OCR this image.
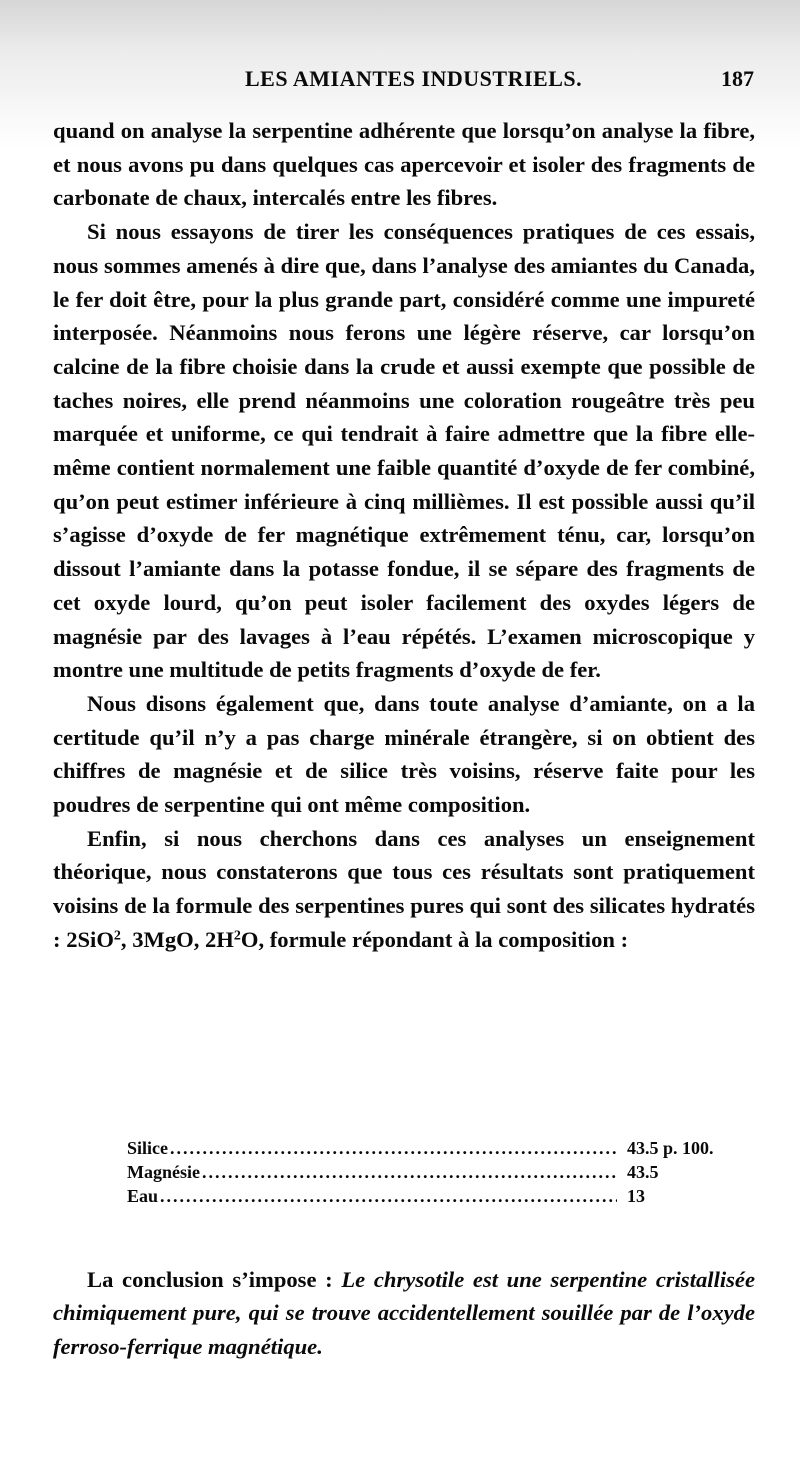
LES AMIANTES INDUSTRIELS.	187

quand on analyse la serpentine adhérente que lorsqu’on analyse la fibre, et nous avons pu dans quelques cas apercevoir et isoler des fragments de carbonate de chaux, intercalés entre les fibres.

Si nous essayons de tirer les conséquences pratiques de ces essais, nous sommes amenés à dire que, dans l’analyse des amiantes du Canada, le fer doit être, pour la plus grande part, considéré comme une impureté interposée. Néanmoins nous ferons une légère réserve, car lorsqu’on calcine de la fibre choisie dans la crude et aussi exempte que possible de taches noires, elle prend néanmoins une coloration rougeâtre très peu marquée et uniforme, ce qui tendrait à faire admettre que la fibre elle-même contient normalement une faible quantité d’oxyde de fer combiné, qu’on peut estimer inférieure à cinq millièmes. Il est possible aussi qu’il s’agisse d’oxyde de fer magnétique extrêmement ténu, car, lorsqu’on dissout l’amiante dans la potasse fondue, il se sépare des fragments de cet oxyde lourd, qu’on peut isoler facilement des oxydes légers de magnésie par des lavages à l’eau répétés. L’examen microscopique y montre une multitude de petits fragments d’oxyde de fer.

Nous disons également que, dans toute analyse d’amiante, on a la certitude qu’il n’y a pas charge minérale étrangère, si on obtient des chiffres de magnésie et de silice très voisins, réserve faite pour les poudres de serpentine qui ont même composition.

Enfin, si nous cherchons dans ces analyses un enseignement théorique, nous constaterons que tous ces résultats sont pratiquement voisins de la formule des serpentines pures qui sont des silicates hydratés : 2SiO$^2$, 3MgO, $2H^2O$, formule répondant à la composition :

Silice .....	43.5 p. 100.
Magnésie .....	43.5
Eau .....	13

La conclusion s’impose : Le chrysotile est une serpentine cristallisée chimiquement pure, qui se trouve accidentellement souillée par de l’oxyde ferroso-ferrique magnétique.
